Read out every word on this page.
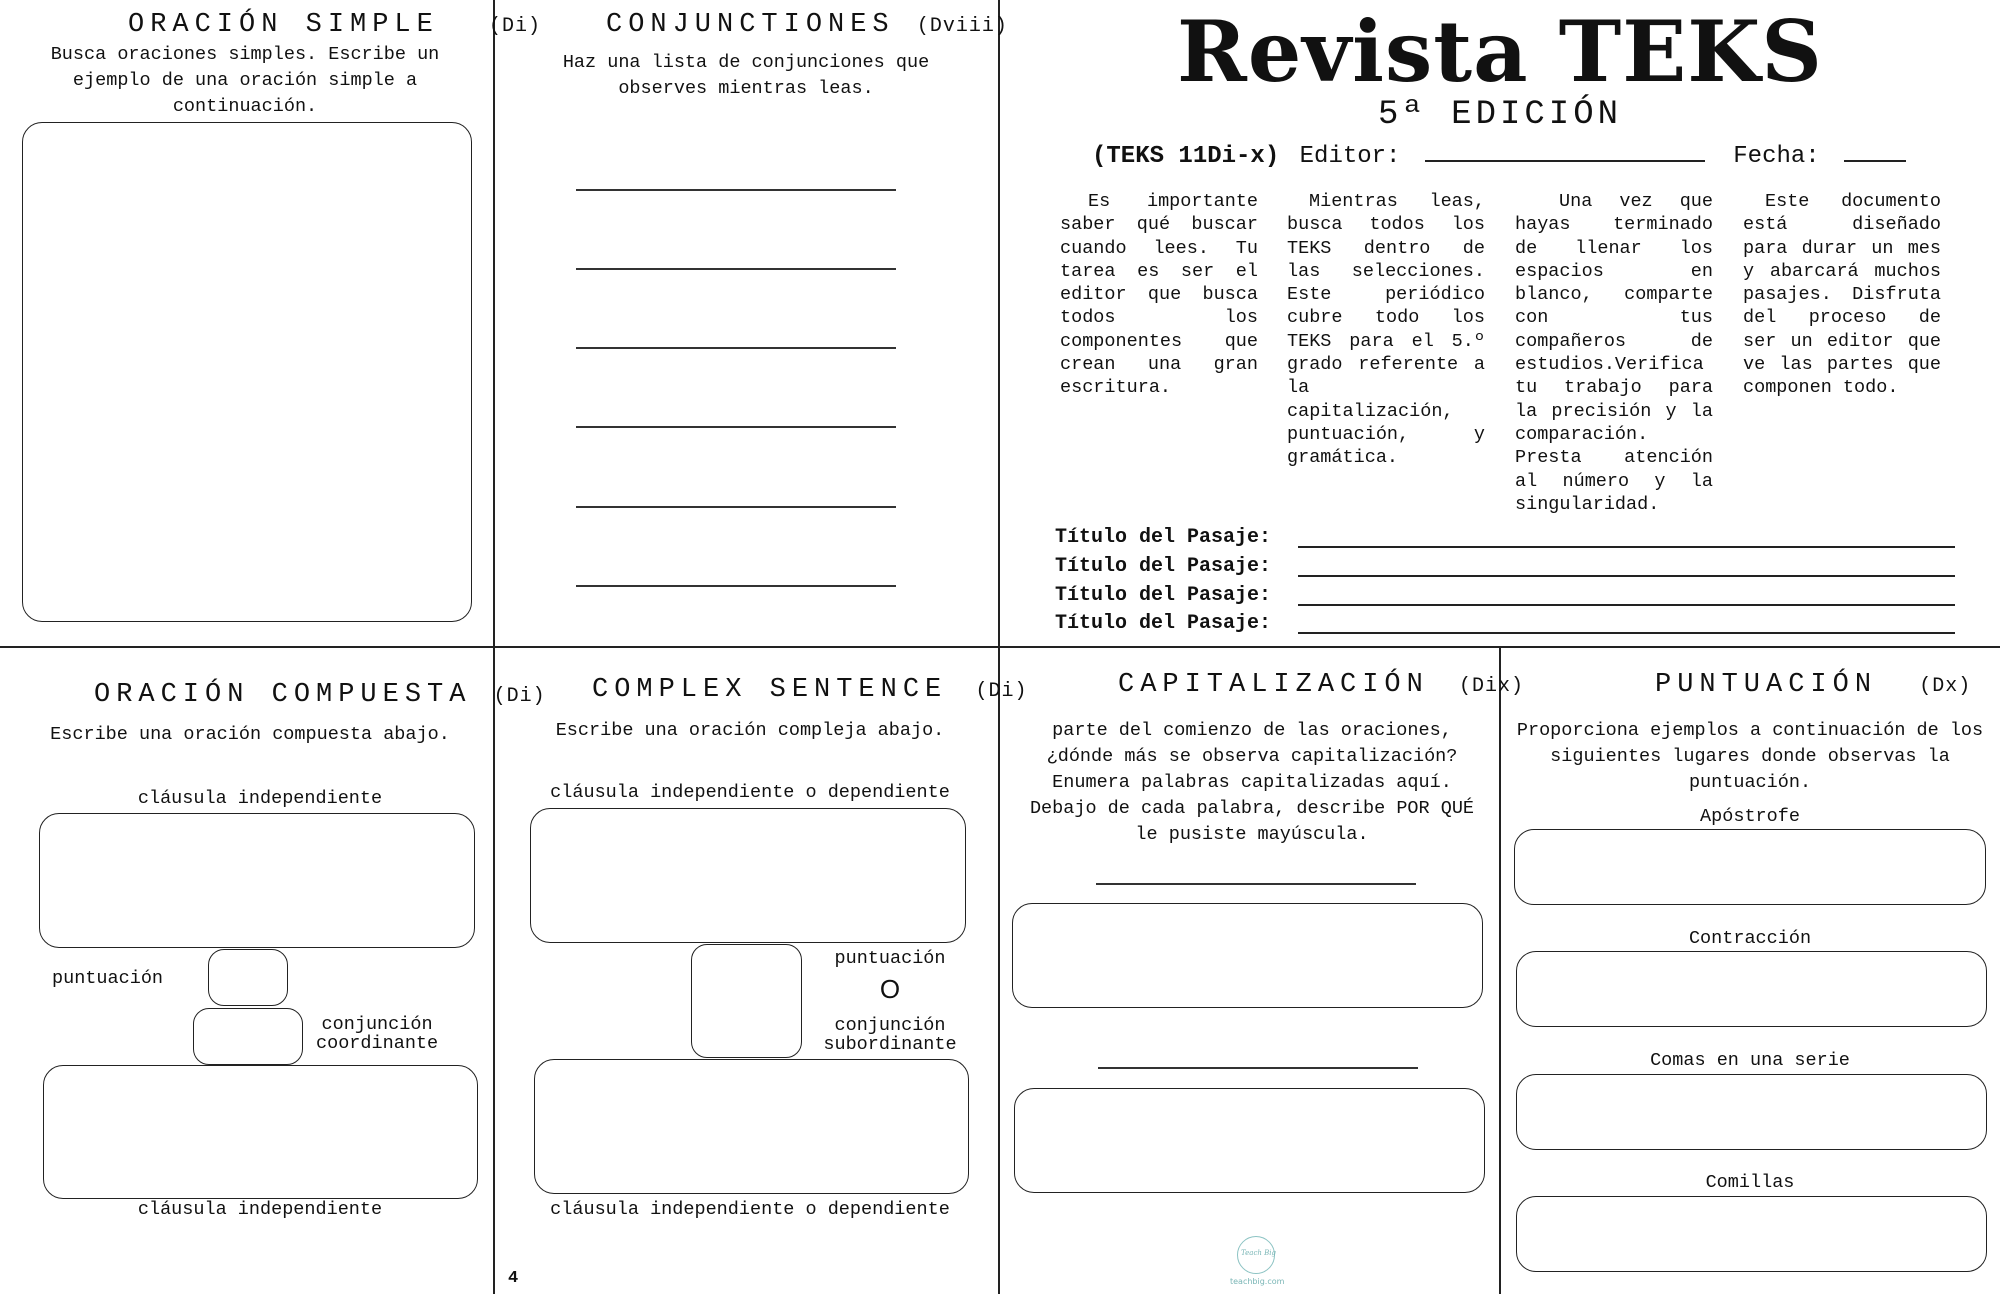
ORACIÓN SIMPLE	(Di)
Busca oraciones simples. Escribe un ejemplo de una oración simple a continuación.
CONJUNCTIONES (Dviii)
Haz una lista de conjunciones que observes mientras leas.	Revista TEKS
5ª EDICIÓN
(TEKS 11Di-x) Editor:	Fecha:
Es importante saber qué buscar cuando lees. Tu tarea es ser el editor que busca todos los componentes que crean una gran escritura.
Mientras leas, busca todos los TEKS dentro de las selecciones. Este periódico cubre todo los TEKS para el 5.º grado referente a la capitalización, puntuación, y gramática.
Una vez que hayas terminado de llenar los espacios en blanco, comparte con tus compañeros de estudios.Verifica tu trabajo para la precisión y la comparación. Presta atención al número y la singularidad.
Este documento está diseñado para durar un mes y abarcará muchos pasajes. Disfruta del proceso de ser un editor que ve las partes que componen todo.
Título del Pasaje:
Título del Pasaje:
Título del Pasaje:
Título del Pasaje:
ORACIÓN COMPUESTA (Di)
Escribe una oración compuesta abajo.
cláusula independiente
puntuación
conjunción
coordinante
cláusula independiente
COMPLEX SENTENCE (Di)
Escribe una oración compleja abajo.
cláusula independiente o dependiente
puntuación
O
conjunción
subordinante
cláusula independiente o dependiente
4
CAPITALIZACIÓN (Dix)
parte del comienzo de las oraciones, ¿dónde más se observa capitalización? Enumera palabras capitalizadas aquí. Debajo de cada palabra, describe POR QUÉ le pusiste mayúscula.
Teach Big
teachbig.com
PUNTUACIÓN (Dx)
Proporciona ejemplos a continuación de los siguientes lugares donde observas la puntuación.
Apóstrofe
Contracción
Comas en una serie
Comillas
